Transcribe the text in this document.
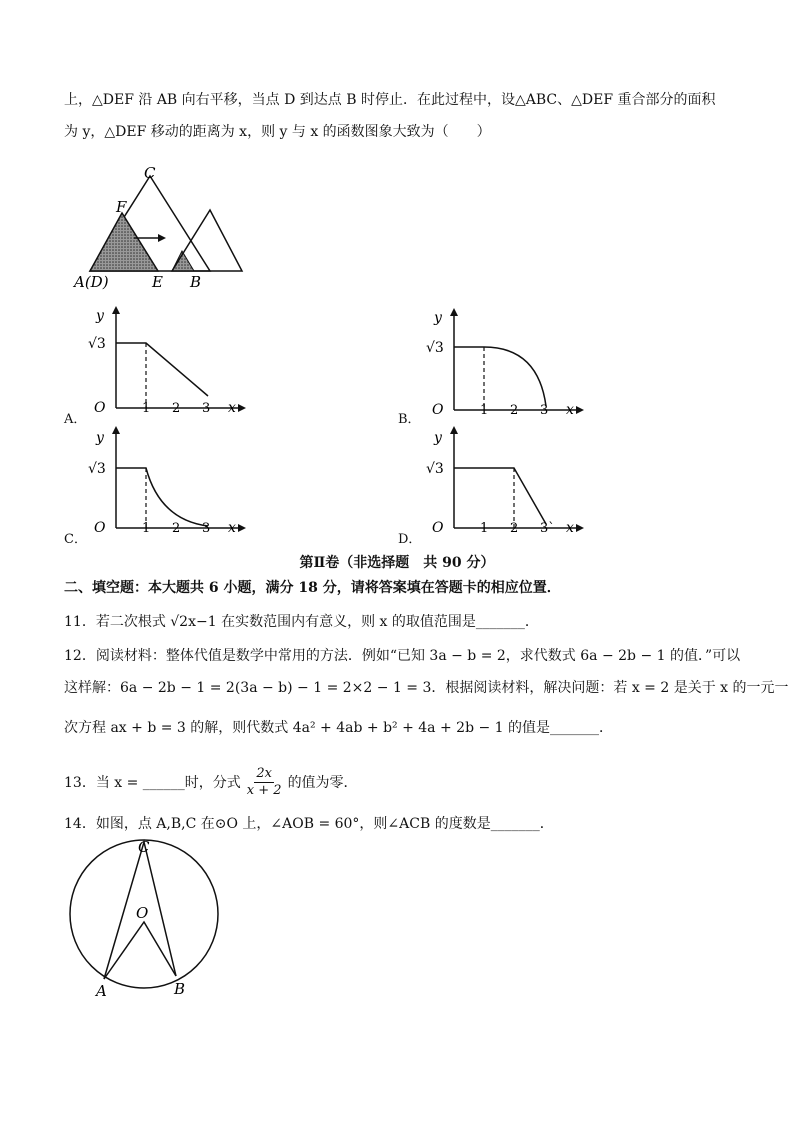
上，△DEF 沿 AB 向右平移，当点 D 到达点 B 时停止．在此过程中，设△ABC、△DEF 重合部分的面积
为 y，△DEF 移动的距离为 x，则 y 与 x 的函数图象大致为（　　）
C
F
A(D)	E B
A．
y
√3
O	1 2 3 x
B．
y
√3
O	1 2 3 x
C．
y
√3
O	1 2 3 x
D．
y
√3
O	1 2 3` x
第Ⅱ卷（非选择题　共 90 分）
二、填空题：本大题共 6 小题，满分 18 分，请将答案填在答题卡的相应位置．
11．若二次根式 √2x−1 在实数范围内有意义，则 x 的取值范围是_______．
12．阅读材料：整体代值是数学中常用的方法．例如“已知 3a − b = 2，求代数式 6a − 2b − 1 的值．”可以
这样解：6a − 2b − 1 = 2(3a − b) − 1 = 2×2 − 1 = 3．根据阅读材料，解决问题：若 x = 2 是关于 x 的一元一
次方程 ax + b = 3 的解，则代数式 4a² + 4ab + b² + 4a + 2b − 1 的值是_______．
13．当 x = ______时，分式 $\frac{2x}{x + 2}$ 的值为零．
14．如图，点 A,B,C 在⊙O 上，∠AOB = 60°，则∠ACB 的度数是_______．
C
O
A	B
